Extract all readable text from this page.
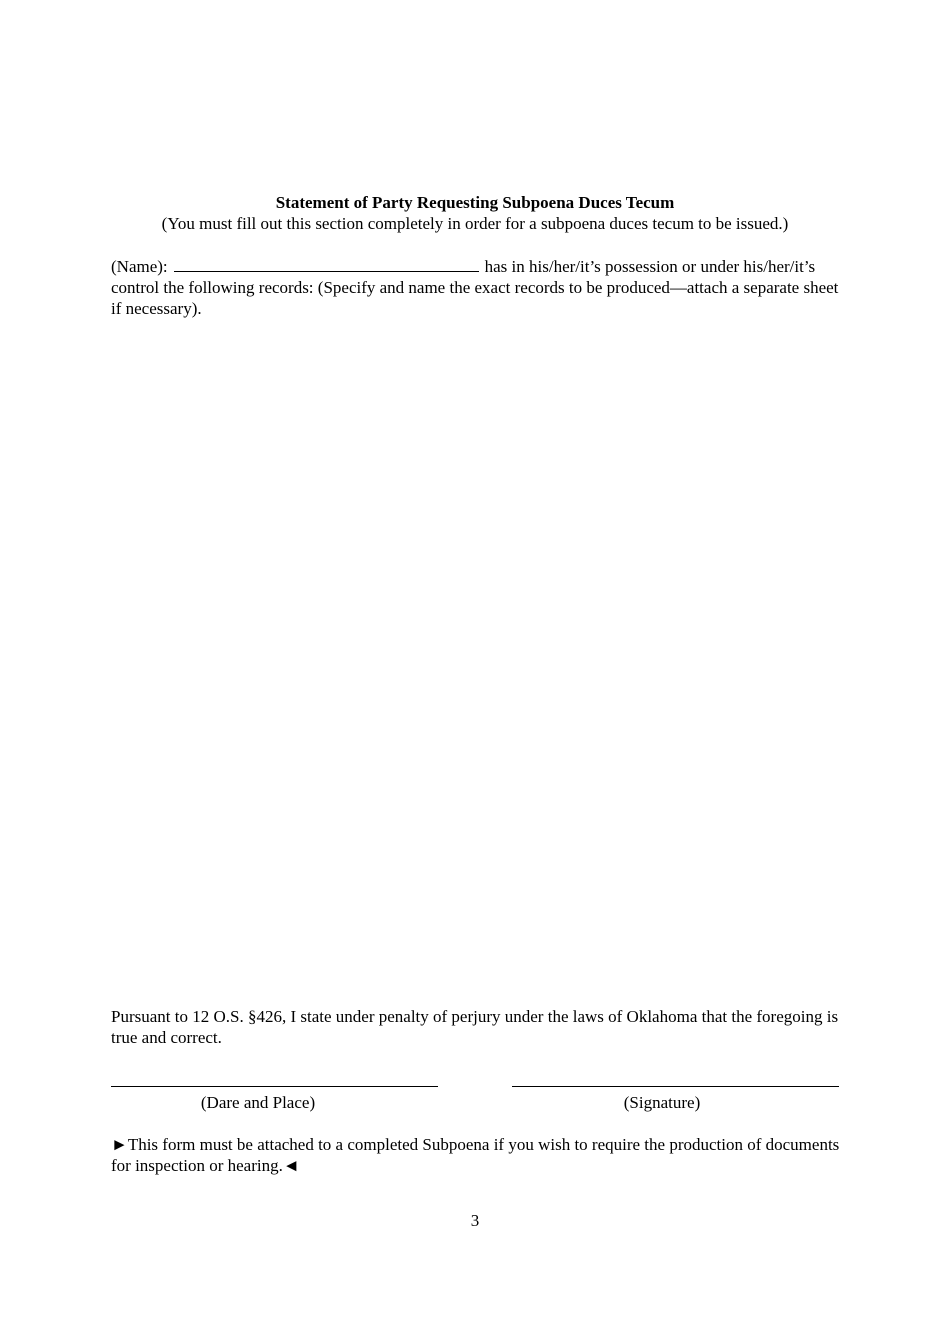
Statement of Party Requesting Subpoena Duces Tecum
(You must fill out this section completely in order for a subpoena duces tecum to be issued.)
(Name):	has in his/her/it’s possession or under his/her/it’s control the following records: (Specify and name the exact records to be produced—attach a separate sheet if necessary).
Pursuant to 12 O.S. §426, I state under penalty of perjury under the laws of Oklahoma that the foregoing is true and correct.
(Dare and Place)	(Signature)
►This form must be attached to a completed Subpoena if you wish to require the production of documents for inspection or hearing.◄
3
